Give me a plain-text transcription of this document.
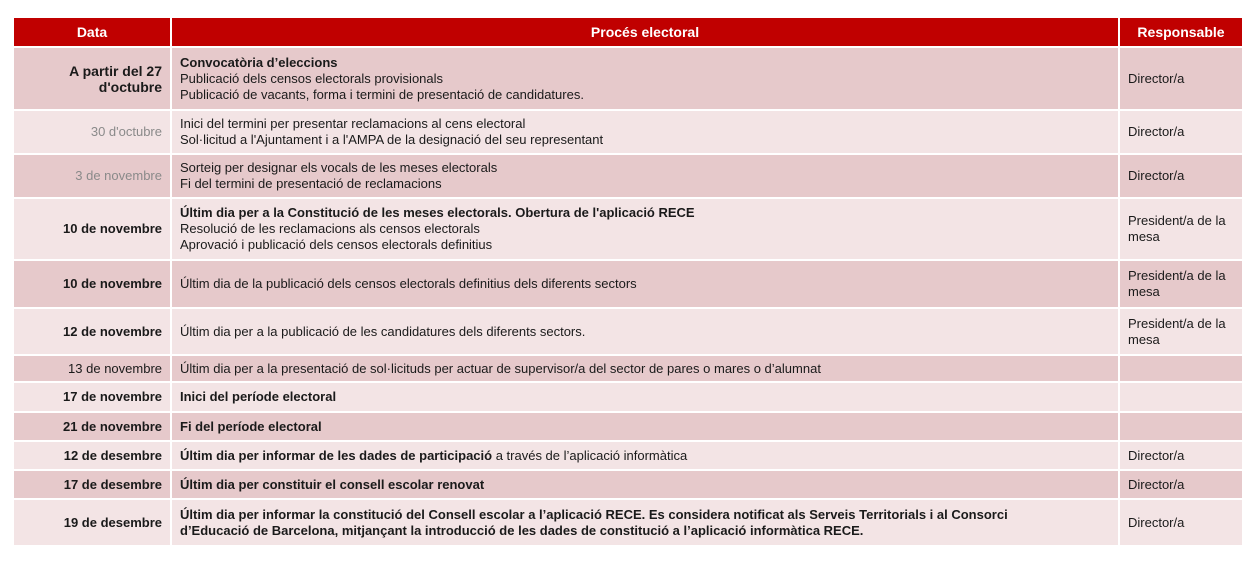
Data	Procés electoral	Responsable
A partir del 27 d'octubre	Convocatòria d’eleccions
Publicació dels censos electorals provisionals
Publicació de vacants, forma i termini de presentació de candidatures.	Director/a
30 d'octubre	Inici del termini per presentar reclamacions al cens electoral
Sol·licitud a l'Ajuntament i a l'AMPA de la designació del seu representant	Director/a
3 de novembre	Sorteig per designar els vocals de les meses electorals
Fi del termini de presentació de reclamacions	Director/a
10 de novembre	Últim dia per a la Constitució de les meses electorals. Obertura de l'aplicació RECE
Resolució de les reclamacions als censos electorals
Aprovació i publicació dels censos electorals definitius	President/a de la mesa
10 de novembre	Últim dia de la publicació dels censos electorals definitius dels diferents sectors	President/a de la mesa
12 de novembre	Últim dia per a la publicació de les candidatures dels diferents sectors.	President/a de la mesa
13 de novembre	Últim dia per a la presentació de sol·licituds per actuar de supervisor/a del sector de pares o mares o d’alumnat	

17 de novembre	Inici del període electoral	

21 de novembre	Fi del període electoral	

12 de desembre	Últim dia per informar de les dades de participació a través de l’aplicació informàtica	Director/a
17 de desembre	Últim dia per constituir el consell escolar renovat	Director/a
19 de desembre	Últim dia per informar la constitució del Consell escolar a l’aplicació RECE. Es considera notificat als Serveis Territorials i al Consorci
d’Educació de Barcelona, mitjançant la introducció de les dades de constitució a l’aplicació informàtica RECE.	Director/a
